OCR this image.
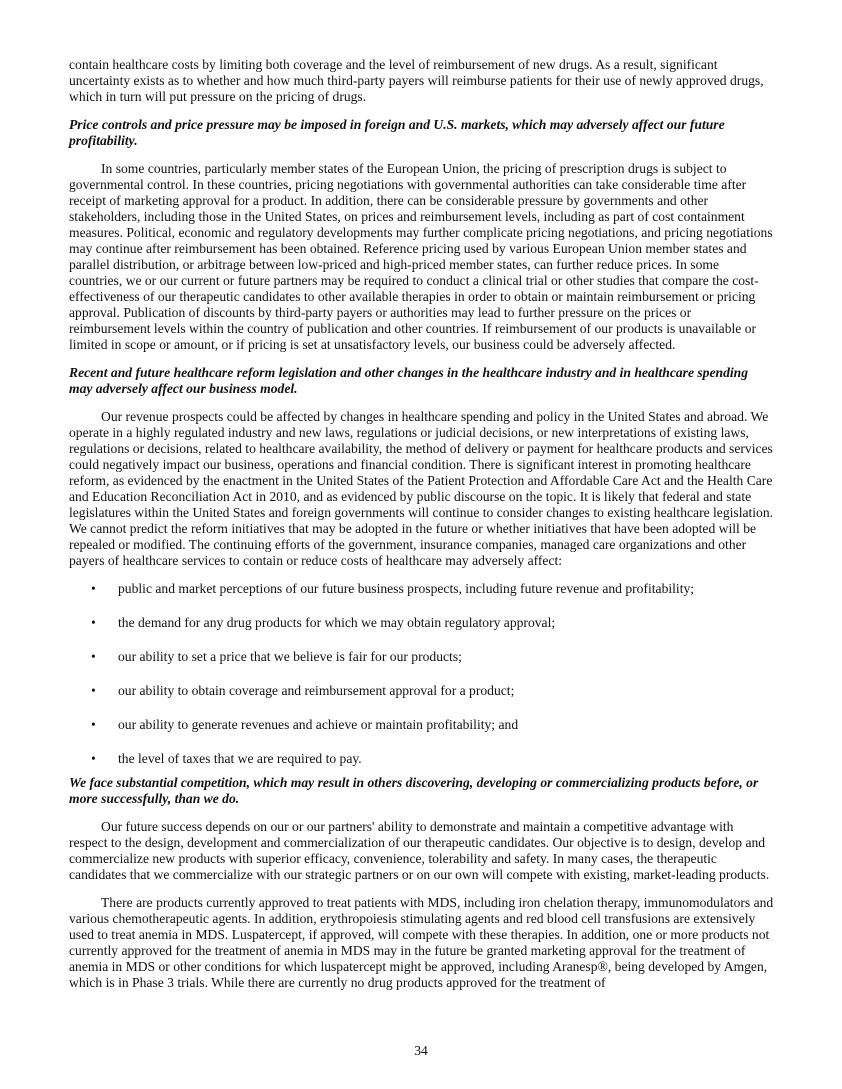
contain healthcare costs by limiting both coverage and the level of reimbursement of new drugs. As a result, significant uncertainty exists as to whether and how much third-party payers will reimburse patients for their use of newly approved drugs, which in turn will put pressure on the pricing of drugs.

Price controls and price pressure may be imposed in foreign and U.S. markets, which may adversely affect our future profitability.

In some countries, particularly member states of the European Union, the pricing of prescription drugs is subject to governmental control. In these countries, pricing negotiations with governmental authorities can take considerable time after receipt of marketing approval for a product. In addition, there can be considerable pressure by governments and other stakeholders, including those in the United States, on prices and reimbursement levels, including as part of cost containment measures. Political, economic and regulatory developments may further complicate pricing negotiations, and pricing negotiations may continue after reimbursement has been obtained. Reference pricing used by various European Union member states and parallel distribution, or arbitrage between low-priced and high-priced member states, can further reduce prices. In some countries, we or our current or future partners may be required to conduct a clinical trial or other studies that compare the cost-effectiveness of our therapeutic candidates to other available therapies in order to obtain or maintain reimbursement or pricing approval. Publication of discounts by third-party payers or authorities may lead to further pressure on the prices or reimbursement levels within the country of publication and other countries. If reimbursement of our products is unavailable or limited in scope or amount, or if pricing is set at unsatisfactory levels, our business could be adversely affected.

Recent and future healthcare reform legislation and other changes in the healthcare industry and in healthcare spending may adversely affect our business model.

Our revenue prospects could be affected by changes in healthcare spending and policy in the United States and abroad. We operate in a highly regulated industry and new laws, regulations or judicial decisions, or new interpretations of existing laws, regulations or decisions, related to healthcare availability, the method of delivery or payment for healthcare products and services could negatively impact our business, operations and financial condition. There is significant interest in promoting healthcare reform, as evidenced by the enactment in the United States of the Patient Protection and Affordable Care Act and the Health Care and Education Reconciliation Act in 2010, and as evidenced by public discourse on the topic. It is likely that federal and state legislatures within the United States and foreign governments will continue to consider changes to existing healthcare legislation. We cannot predict the reform initiatives that may be adopted in the future or whether initiatives that have been adopted will be repealed or modified. The continuing efforts of the government, insurance companies, managed care organizations and other payers of healthcare services to contain or reduce costs of healthcare may adversely affect:

• public and market perceptions of our future business prospects, including future revenue and profitability;
• the demand for any drug products for which we may obtain regulatory approval;
• our ability to set a price that we believe is fair for our products;
• our ability to obtain coverage and reimbursement approval for a product;
• our ability to generate revenues and achieve or maintain profitability; and
• the level of taxes that we are required to pay.

We face substantial competition, which may result in others discovering, developing or commercializing products before, or more successfully, than we do.

Our future success depends on our or our partners' ability to demonstrate and maintain a competitive advantage with respect to the design, development and commercialization of our therapeutic candidates. Our objective is to design, develop and commercialize new products with superior efficacy, convenience, tolerability and safety. In many cases, the therapeutic candidates that we commercialize with our strategic partners or on our own will compete with existing, market-leading products.

There are products currently approved to treat patients with MDS, including iron chelation therapy, immunomodulators and various chemotherapeutic agents. In addition, erythropoiesis stimulating agents and red blood cell transfusions are extensively used to treat anemia in MDS. Luspatercept, if approved, will compete with these therapies. In addition, one or more products not currently approved for the treatment of anemia in MDS may in the future be granted marketing approval for the treatment of anemia in MDS or other conditions for which luspatercept might be approved, including Aranesp®, being developed by Amgen, which is in Phase 3 trials. While there are currently no drug products approved for the treatment of

34
